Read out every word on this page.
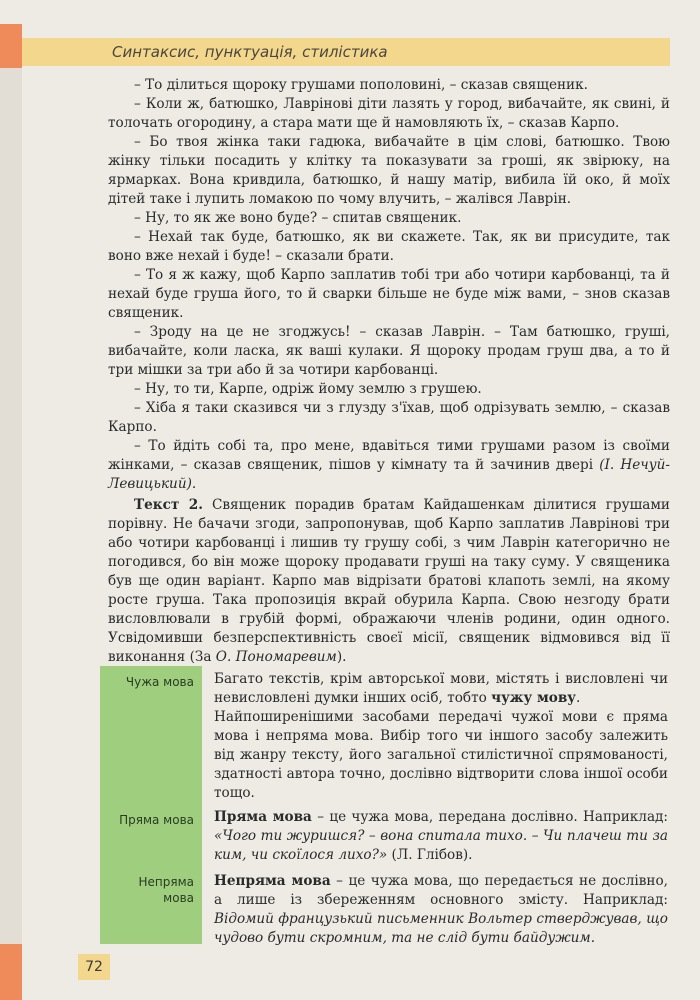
Синтаксис, пунктуація, стилістика

– То ділиться щороку грушами пополовині, – сказав священик.

– Коли ж, батюшко, Лавріновi діти лазять у город, вибачайте, як свині, й толочать огородину, а стара мати ще й намовляють їх, – сказав Карпо.

– Бо твоя жінка таки гадюка, вибачайте в цім слові, батюшко. Твою жінку тільки посадить у клітку та показувати за гроші, як звірюку, на ярмарках. Вона кривдила, батюшко, й нашу матір, вибила їй око, й моїх дітей таке і лупить ломакою по чому влучить, – жалівся Лаврін.

– Ну, то як же воно буде? – спитав священик.

– Нехай так буде, батюшко, як ви скажете. Так, як ви присудите, так воно вже нехай і буде! – сказали брати.

– То я ж кажу, щоб Карпо заплатив тобі три або чотири карбованці, та й нехай буде груша його, то й сварки більше не буде між вами, – знов сказав священик.

– Зроду на це не згоджусь! – сказав Лаврін. – Там батюшко, груші, вибачайте, коли ласка, як ваші кулаки. Я щороку продам груш два, а то й три мішки за три або й за чотири карбованці.

– Ну, то ти, Карпе, одріж йому землю з грушею.

– Хіба я таки сказився чи з глузду з'їхав, щоб одрізувать землю, – сказав Карпо.

– То йдіть собі та, про мене, вдавіться тими грушами разом із своїми жінками, – сказав священик, пішов у кімнату та й зачинив двері (І. Нечуй-Левицький).

Текст 2. Священик порадив братам Кайдашенкам ділитися грушами порівну. Не бачачи згоди, запропонував, щоб Карпо заплатив Лавріновi три або чотири карбованці і лишив ту грушу собі, з чим Лаврін категорично не погодився, бо він може щороку продавати груші на таку суму. У священика був ще один варіант. Карпо мав відрізати братові клапоть землі, на якому росте груша. Така пропозиція вкрай обурила Карпа. Свою незгоду брати висловлювали в грубій формі, ображаючи членів родини, один одного. Усвідомивши безперспективність своєї місії, священик відмовився від її виконання (За О. Пономаревим).

Чужа мова Багато текстів, крім авторської мови, містять і висловлені чи невисловлені думки інших осіб, тобто чужу мову.
Найпоширенішими засобами передачі чужої мови є пряма мова і непряма мова. Вибір того чи іншого засобу залежить від жанру тексту, його загальної стилістичної спрямованості, здатності автора точно, дослівно відтворити слова іншої особи тощо.
Пряма мова Пряма мова – це чужа мова, передана дослівно. Наприклад: «Чого ти журишся? – вона спитала тихо. – Чи плачеш ти за ким, чи скоїлося лихо?» (Л. Глібов).
Непряма
мова
Непряма мова – це чужа мова, що передається не дослівно, а лише із збереженням основного змісту. Наприклад: Відомий французький письменник Вольтер стверджував, що чудово бути скромним, та не слід бути байдужим.
72
